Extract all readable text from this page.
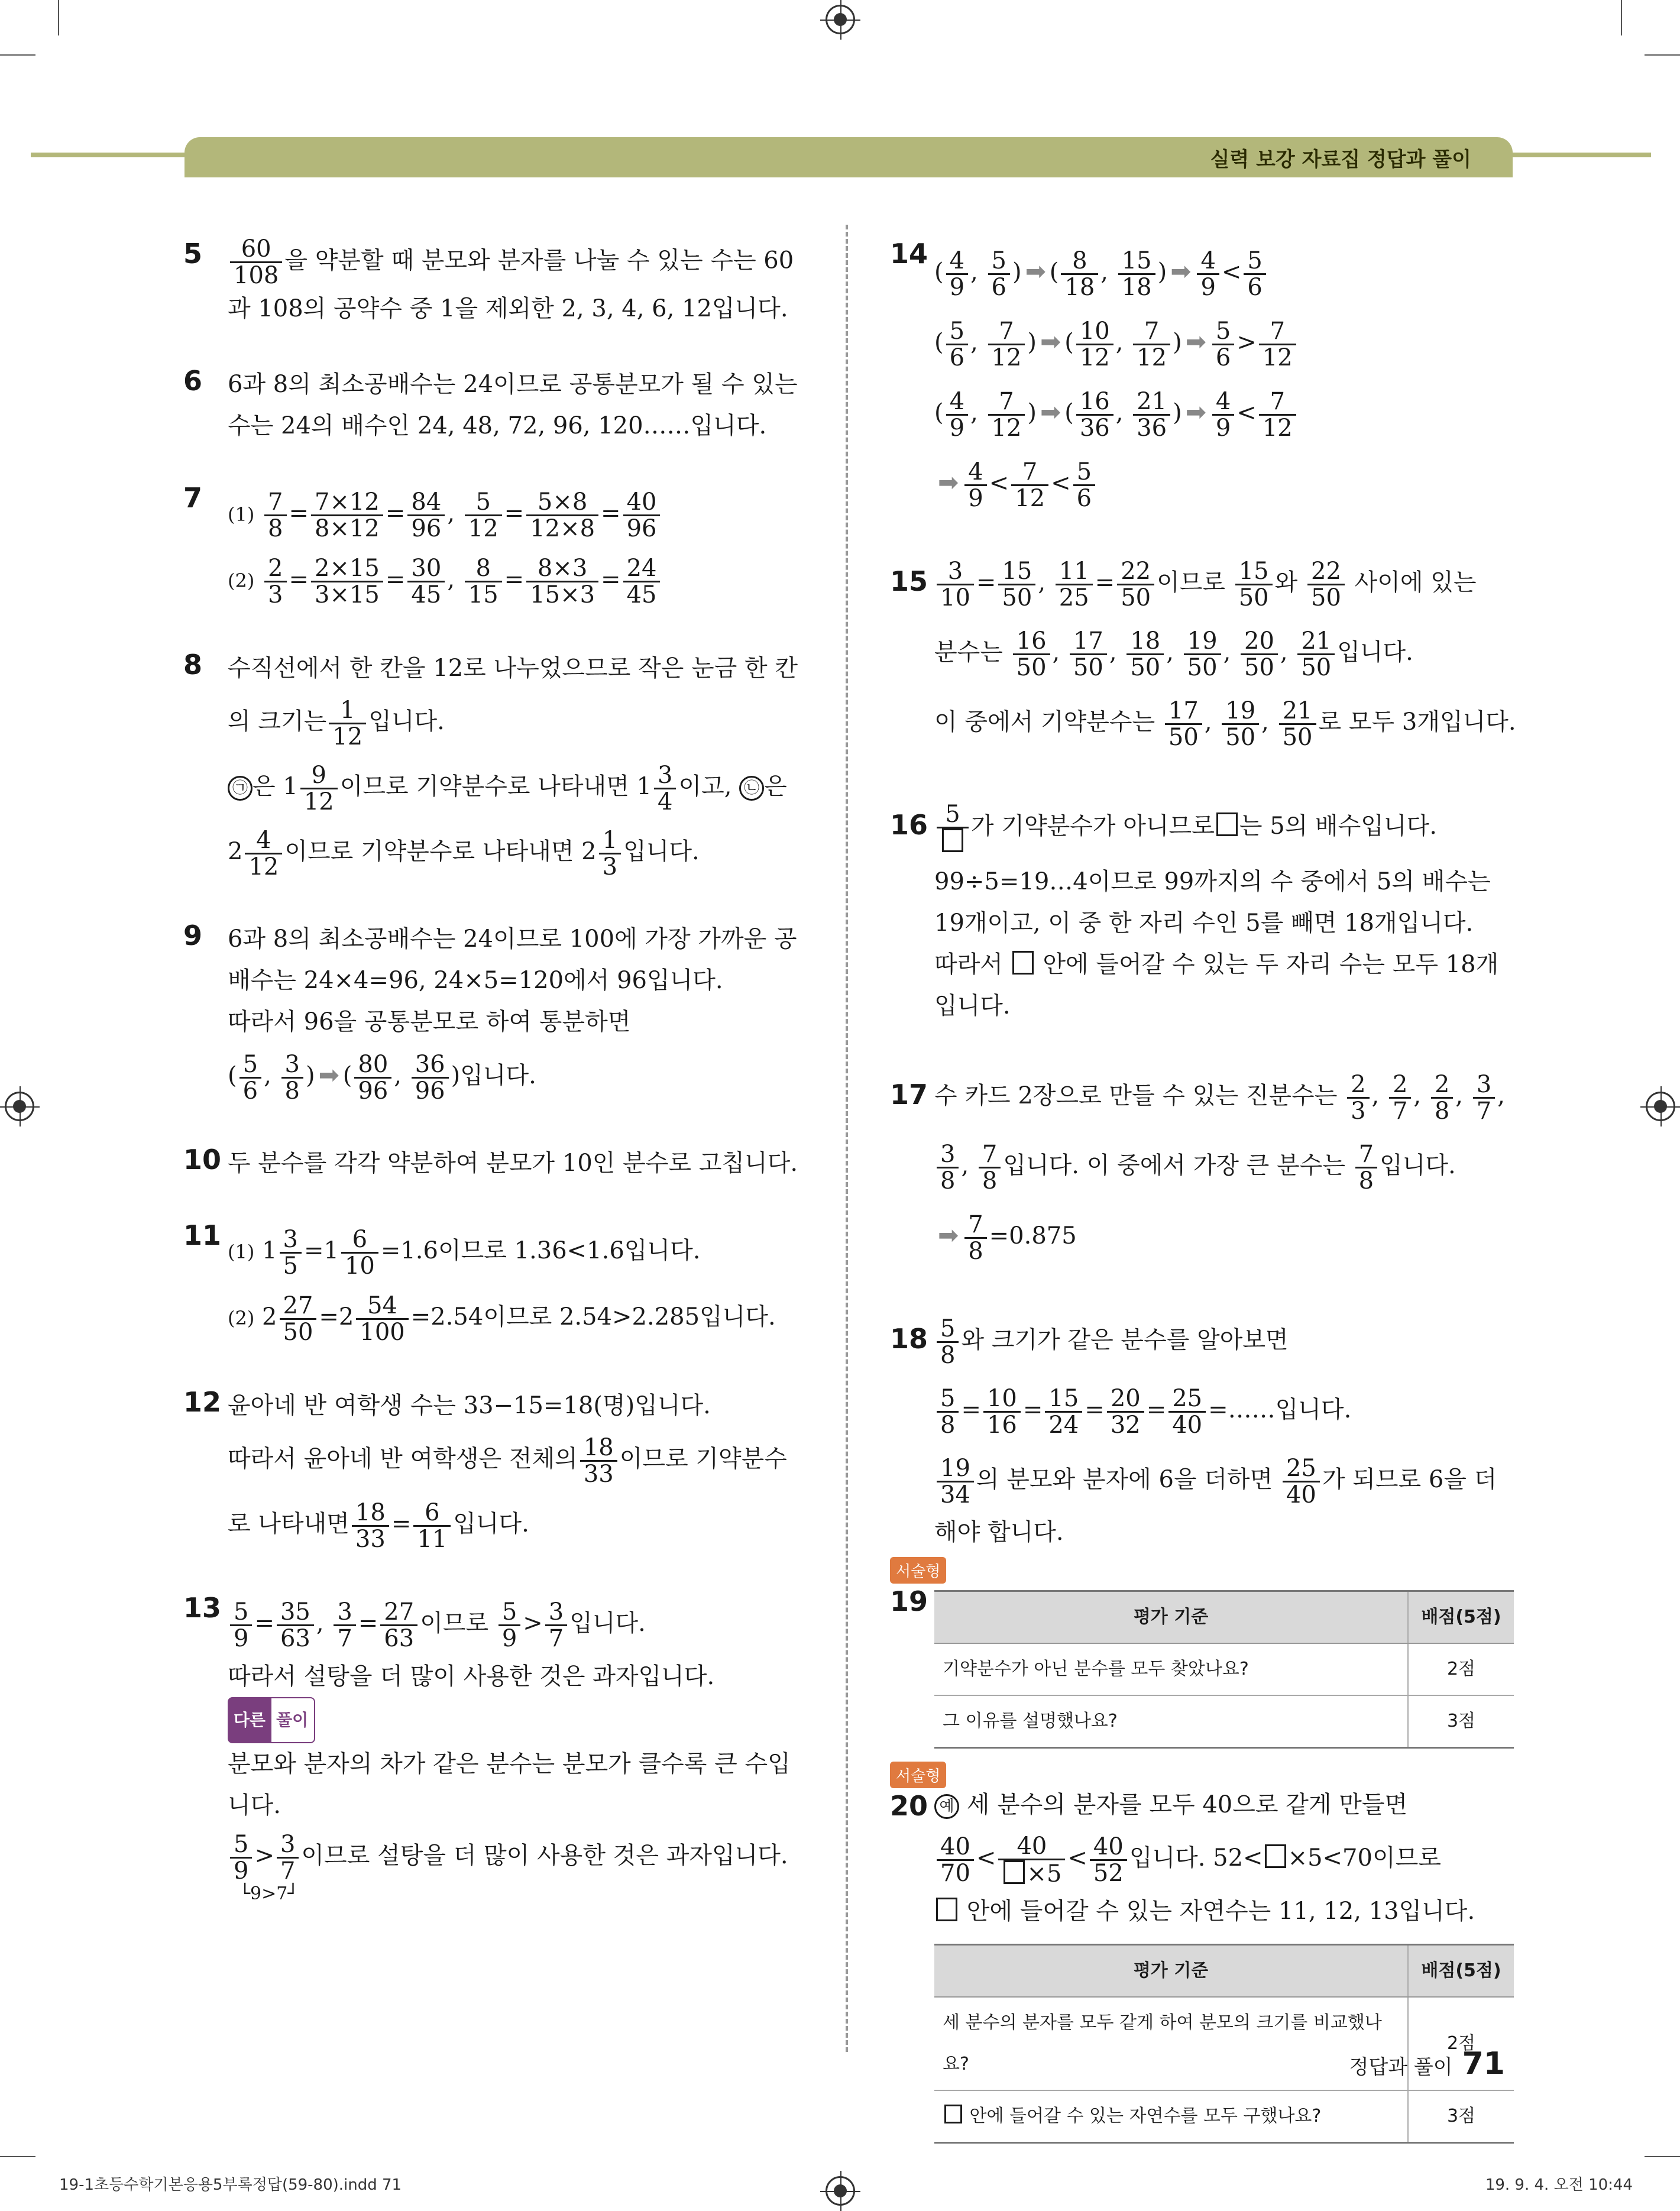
실력 보강 자료집 정답과 풀이
5	$\frac{60}{108}$ 을 약분할 때 분모와 분자를 나눌 수 있는 수는 60
과 108의 공약수 중 1을 제외한 2, 3, 4, 6, 12입니다.
6	6과 8의 최소공배수는 24이므로 공통분모가 될 수 있는
수는 24의 배수인 24, 48, 72, 96, 120……입니다.
7
$(1) \frac{7}{8} = \frac{7\times 12}{8\times 12} = \frac{84}{96}$ , $\frac{5}{12} = \frac{5\times 8}{12\times 8} = \frac{40}{96}$
$(2) \frac{2}{3} = \frac{2\times 15}{3\times 15} = \frac{30}{45}$ , $\frac{8}{15} = \frac{8\times 3}{15\times 3} = \frac{24}{45}$
8	수직선에서 한 칸을 12로 나누었으므로 작은 눈금 한 칸
의 크기는 $\frac{1}{12}$ 입니다.
㉠ 은 $1 \frac{9}{12}$ 이므로 기약분수로 나타내면 $1 \frac{3}{4}$ 이고, ㉡ 은
$2 \frac{4}{12}$ 이므로 기약분수로 나타내면 $2 \frac{1}{3}$ 입니다.
9	6과 8의 최소공배수는 24이므로 100에 가장 가까운 공
배수는 24×4=96, 24×5=120에서 96입니다.
따라서 96을 공통분모로 하여 통분하면
( $\frac{5}{6}$ , $\frac{3}{8}$ ) ➡ ( $\frac{80}{96}$ , $\frac{36}{96}$ )입니다.
10 두 분수를 각각 약분하여 분모가 10인 분수로 고칩니다.
11
(1) $1 \frac{3}{5} =1 \frac{6}{10} =1.6$이므로 1.36<1.6입니다.
(2) $2 \frac{27}{50} =2 \frac{54}{100} =2.54$이므로 2.54>2.285입니다.
12 윤아네 반 여학생 수는 33−15=18(명)입니다.
따라서 윤아네 반 여학생은 전체의 $\frac{18}{33}$ 이므로 기약분수
로 나타내면 $\frac{18}{33} = \frac{6}{11}$ 입니다.
$13 \frac{5}{9} = \frac{35}{63}$ , $\frac{3}{7} = \frac{27}{63}$ 이므로 $\frac{5}{9} > \frac{3}{7}$ 입니다.
따라서 설탕을 더 많이 사용한 것은 과자입니다.
다른 풀이
분모와 분자의 차가 같은 분수는 분모가 클수록 큰 수입
니다.
$\frac{5}{9} > \frac{3}{7}$ 이므로 설탕을 더 많이 사용한 것은 과자입니다.
└9>7┘
14
( $\frac{4}{9}$ , $\frac{5}{6}$ ) ➡ ( $\frac{8}{18}$ , $\frac{15}{18}$ ) ➡ $\frac{4}{9} < \frac{5}{6}$
( $\frac{5}{6}$ , $\frac{7}{12}$ ) ➡ ( $\frac{10}{12}$ , $\frac{7}{12}$ ) ➡ $\frac{5}{6} > \frac{7}{12}$
( $\frac{4}{9}$ , $\frac{7}{12}$ ) ➡ ( $\frac{16}{36}$ , $\frac{21}{36}$ ) ➡ $\frac{4}{9} < \frac{7}{12}$
➡ $\frac{4}{9} < \frac{7}{12} < \frac{5}{6}$
$15 \frac{3}{10} = \frac{15}{50}$ , $\frac{11}{25} = \frac{22}{50}$ 이므로 $\frac{15}{50}$ 와 $\frac{22}{50}$ 사이에 있는
분수는 $\frac{16}{50}$ , $\frac{17}{50}$ , $\frac{18}{50}$ , $\frac{19}{50}$ , $\frac{20}{50}$ , $\frac{21}{50}$ 입니다.
이 중에서 기약분수는 $\frac{17}{50}$ , $\frac{19}{50}$ , $\frac{21}{50}$ 로 모두 3개입니다.
16 5 가 기약분수가 아니므로 는 5의 배수입니다.
99÷5=19…4이므로 99까지의 수 중에서 5의 배수는
19개이고, 이 중 한 자리 수인 5를 빼면 18개입니다.
따라서 안에 들어갈 수 있는 두 자리 수는 모두 18개
입니다.
17 수 카드 2장으로 만들 수 있는 진분수는 $\frac{2}{3}$ , $\frac{2}{7}$ , $\frac{2}{8}$ , $\frac{3}{7}$ ,
$\frac{3}{8}$ , $\frac{7}{8}$ 입니다. 이 중에서 가장 큰 분수는 $\frac{7}{8}$ 입니다.
➡ $\frac{7}{8} =0.875$
$18 \frac{5}{8}$ 와 크기가 같은 분수를 알아보면
$\frac{5}{8} = \frac{10}{16} = \frac{15}{24} = \frac{20}{32} = \frac{25}{40}$ =……입니다.
$\frac{19}{34}$ 의 분모와 분자에 6을 더하면 $\frac{25}{40}$ 가 되므로 6을 더
해야 합니다.
서술형
19	평가 기준	배점(5점)
기약분수가 아닌 분수를 모두 찾았나요?	2점
그 이유를 설명했나요?	3점
서술형
20 예 세 분수의 분자를 모두 40으로 같게 만들면
$\frac{40}{70} < \frac{40}{\times 5} < \frac{40}{52}$ 입니다. 52< ×5<70이므로
안에 들어갈 수 있는 자연수는 11, 12, 13입니다.
평가 기준	배점(5점)
세 분수의 분자를 모두 같게 하여 분모의 크기를 비교했나요?	2점
안에 들어갈 수 있는 자연수를 모두 구했나요?	3점
정답과 풀이 71
19-1초등수학기본응용5부록정답(59-80).indd 71	19. 9. 4. 오전 10:44
